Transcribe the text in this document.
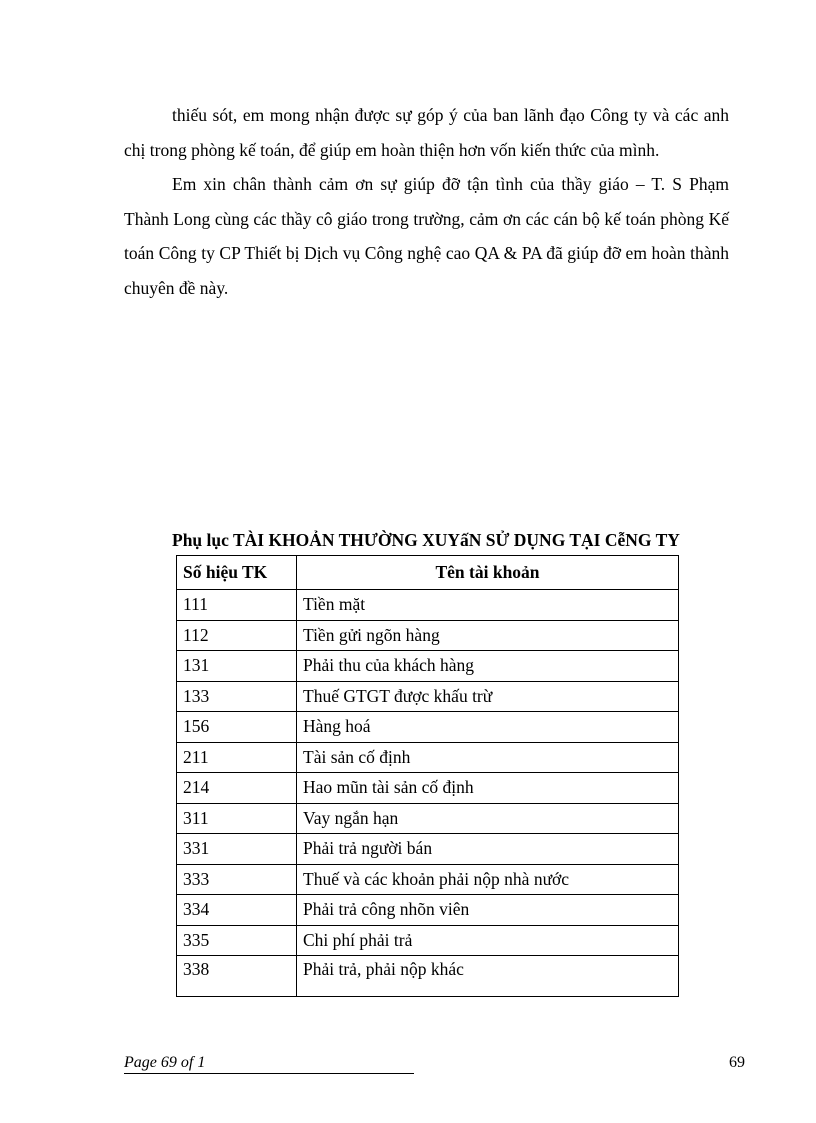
thiếu sót, em mong nhận được sự góp ý của ban lãnh đạo Công ty và các anh chị trong phòng kế toán, để giúp em hoàn thiện hơn vốn kiến thức của mình.

Em xin chân thành cảm ơn sự giúp đỡ tận tình của thầy giáo – T. S Phạm Thành Long cùng các thầy cô giáo trong trường, cảm ơn các cán bộ kế toán phòng Kế toán Công ty CP Thiết bị Dịch vụ Công nghệ cao QA & PA đã giúp đỡ em hoàn thành chuyên đề này.

Phụ lục TÀI KHOẢN THƯỜNG XUYấN SỬ DỤNG TẠI CễNG TY
Số hiệu TK	Tên tài khoản
111	Tiền mặt
112	Tiền gửi ngõn hàng
131	Phải thu của khách hàng
133	Thuế GTGT được khấu trừ
156	Hàng hoá
211	Tài sản cố định
214	Hao mũn tài sản cố định
311	Vay ngắn hạn
331	Phải trả người bán
333	Thuế và các khoản phải nộp nhà nước
334	Phải trả công nhõn viên
335	Chi phí phải trả
338	Phải trả, phải nộp khác
Page 69 of 1	69
